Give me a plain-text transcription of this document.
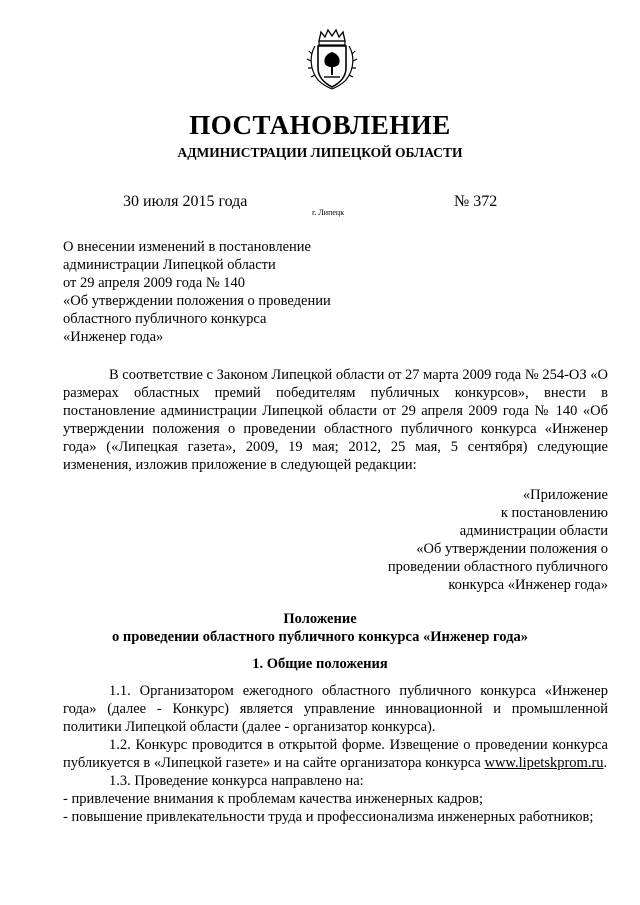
ПОСТАНОВЛЕНИЕ
АДМИНИСТРАЦИИ ЛИПЕЦКОЙ ОБЛАСТИ
30 июля 2015 года
г. Липецк
№ 372
О внесении изменений в постановление
администрации Липецкой области
от 29 апреля 2009 года № 140
«Об утверждении положения о проведении
областного публичного конкурса
«Инженер года»

В соответствие с Законом Липецкой области от 27 марта 2009 года № 254-ОЗ «О размерах областных премий победителям публичных конкурсов», внести в постановление администрации Липецкой области от 29 апреля 2009 года № 140 «Об утверждении положения о проведении областного публичного конкурса «Инженер года» («Липецкая газета», 2009, 19 мая; 2012, 25 мая, 5 сентября) следующие изменения, изложив приложение в следующей редакции:

«Приложение
к постановлению
администрации области
«Об утверждении положения о
проведении областного публичного
конкурса «Инженер года»
Положение
о проведении областного публичного конкурса «Инженер года»
1. Общие положения

1.1. Организатором ежегодного областного публичного конкурса «Инженер года» (далее - Конкурс) является управление инновационной и промышленной политики Липецкой области (далее - организатор конкурса).

1.2. Конкурс проводится в открытой форме. Извещение о проведении конкурса публикуется в «Липецкой газете» и на сайте организатора конкурса www.lipetskprom.ru.

1.3. Проведение конкурса направлено на:

- привлечение внимания к проблемам качества инженерных кадров;

- повышение привлекательности труда и профессионализма инженерных работников;
